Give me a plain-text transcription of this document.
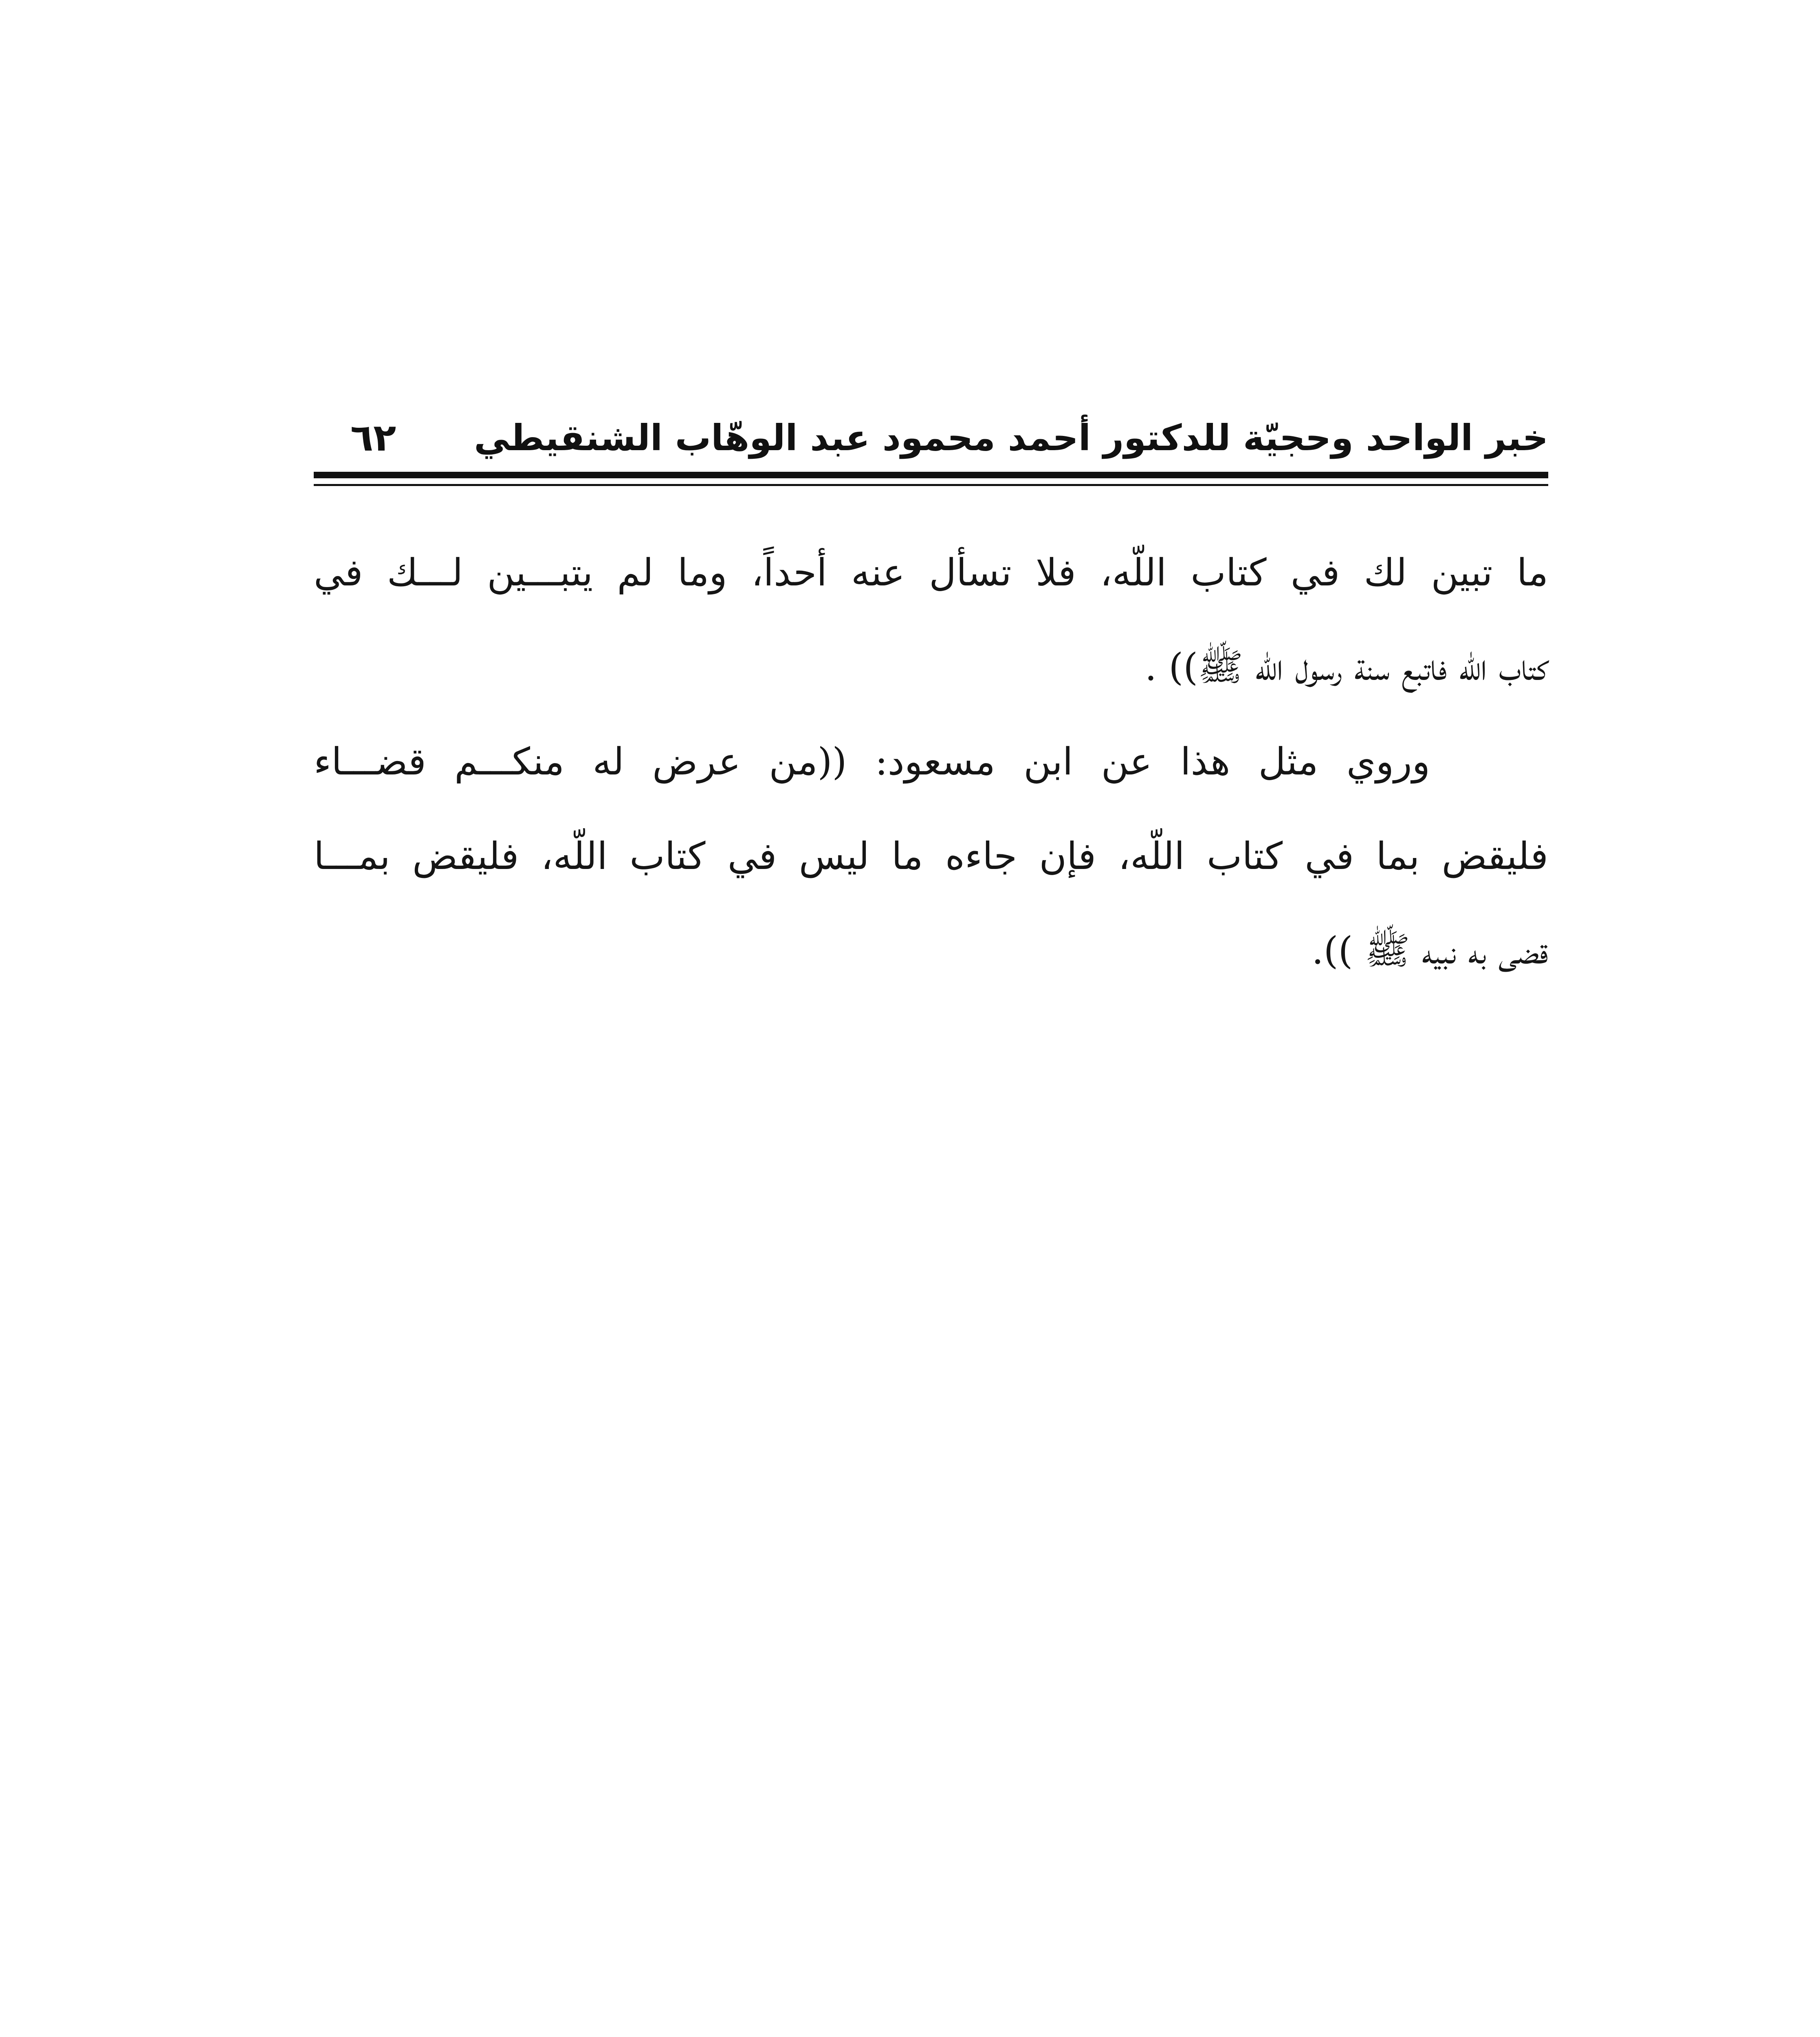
خبر الواحد وحجيّة للدكتور أحمد محمود عبد الوهّاب الشنقيطي
٦٢
ما تبين لك في كتاب اللّه، فلا تسأل عنه أحداً، وما لم يتبـــين لـــك في
كتاب اللّه فاتبع سنة رسول اللّه ﷺ)) .
وروي مثل هذا عن ابن مسعود: ((من عرض له منكـــم قضـــاء
فليقض بما في كتاب اللّه، فإن جاءه ما ليس في كتاب اللّه، فليقض بمـــا
قضى به نبيه ﷺ )).
